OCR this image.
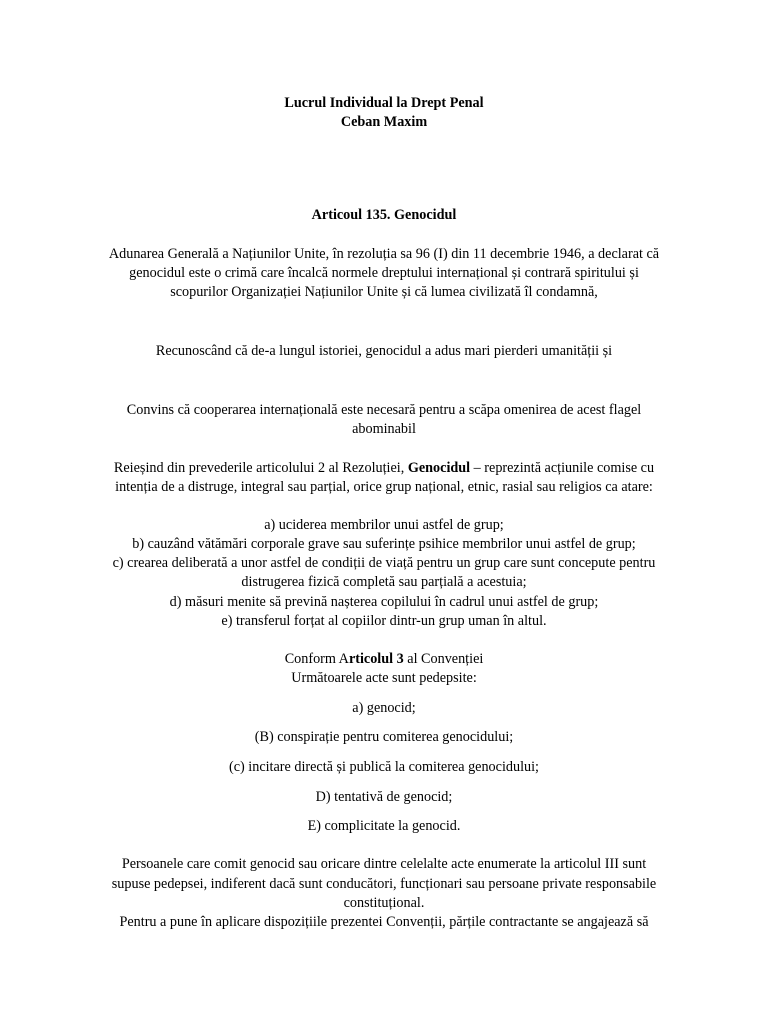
Lucrul Individual la Drept Penal

Ceban Maxim

Articoul 135. Genocidul

Adunarea Generală a Națiunilor Unite, în rezoluția sa 96 (I) din 11 decembrie 1946, a declarat că

genocidul este o crimă care încalcă normele dreptului internațional și contrară spiritului și

scopurilor Organizației Națiunilor Unite și că lumea civilizată îl condamnă,

Recunoscând că de-a lungul istoriei, genocidul a adus mari pierderi umanității și

Convins că cooperarea internațională este necesară pentru a scăpa omenirea de acest flagel

abominabil

Reieșind din prevederile articolului 2 al Rezoluției, Genocidul – reprezintă acțiunile comise cu

intenția de a distruge, integral sau parțial, orice grup național, etnic, rasial sau religios ca atare:

a) uciderea membrilor unui astfel de grup;

b) cauzând vătămări corporale grave sau suferințe psihice membrilor unui astfel de grup;

c) crearea deliberată a unor astfel de condiții de viață pentru un grup care sunt concepute pentru

distrugerea fizică completă sau parțială a acestuia;

d) măsuri menite să prevină nașterea copilului în cadrul unui astfel de grup;

e) transferul forțat al copiilor dintr-un grup uman în altul.

Conform Articolul 3 al Convenției

Următoarele acte sunt pedepsite:

a) genocid;

(B) conspirație pentru comiterea genocidului;

(c) incitare directă și publică la comiterea genocidului;

D) tentativă de genocid;

E) complicitate la genocid.

Persoanele care comit genocid sau oricare dintre celelalte acte enumerate la articolul III sunt

supuse pedepsei, indiferent dacă sunt conducători, funcționari sau persoane private responsabile

constituțional.

Pentru a pune în aplicare dispozițiile prezentei Convenții, părțile contractante se angajează să
